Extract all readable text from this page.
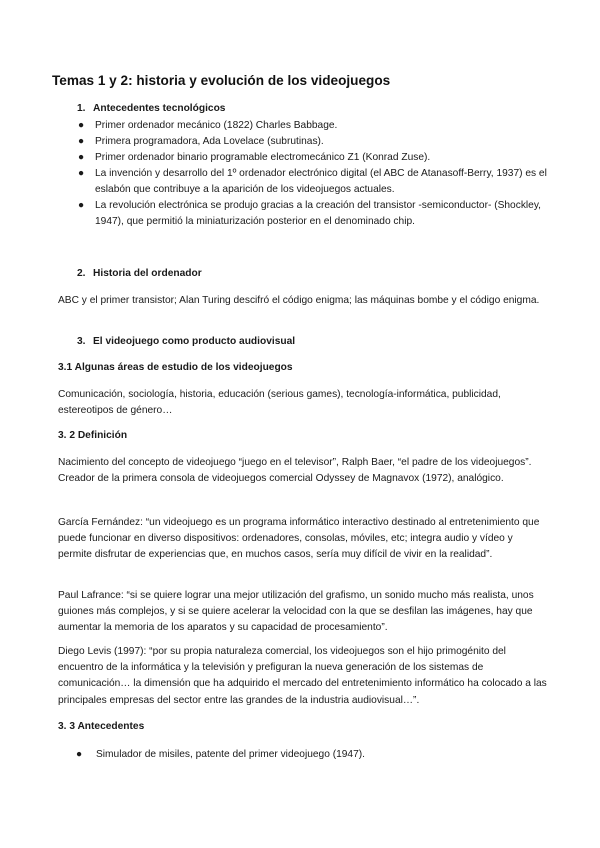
Temas 1 y 2: historia y evolución de los videojuegos
1. Antecedentes tecnológicos
● Primer ordenador mecánico (1822) Charles Babbage.
● Primera programadora, Ada Lovelace (subrutinas).
● Primer ordenador binario programable electromecánico Z1 (Konrad Zuse).
● La invención y desarrollo del 1º ordenador electrónico digital (el ABC de Atanasoff-Berry, 1937) es el eslabón que contribuye a la aparición de los videojuegos actuales.
● La revolución electrónica se produjo gracias a la creación del transistor -semiconductor- (Shockley, 1947), que permitió la miniaturización posterior en el denominado chip.
2. Historia del ordenador
ABC y el primer transistor; Alan Turing descifró el código enigma; las máquinas bombe y el código enigma.
3. El videojuego como producto audiovisual
3.1 Algunas áreas de estudio de los videojuegos
Comunicación, sociología, historia, educación (serious games), tecnología-informática, publicidad, estereotipos de género…
3. 2 Definición
Nacimiento del concepto de videojuego “juego en el televisor”, Ralph Baer, “el padre de los videojuegos”. Creador de la primera consola de videojuegos comercial Odyssey de Magnavox (1972), analógico.
García Fernández: “un videojuego es un programa informático interactivo destinado al entretenimiento que puede funcionar en diverso dispositivos: ordenadores, consolas, móviles, etc; integra audio y vídeo y permite disfrutar de experiencias que, en muchos casos, sería muy difícil de vivir en la realidad”.
Paul Lafrance: “si se quiere lograr una mejor utilización del grafismo, un sonido mucho más realista, unos guiones más complejos, y si se quiere acelerar la velocidad con la que se desfilan las imágenes, hay que aumentar la memoria de los aparatos y su capacidad de procesamiento”.
Diego Levis (1997): “por su propia naturaleza comercial, los videojuegos son el hijo primogénito del encuentro de la informática y la televisión y prefiguran la nueva generación de los sistemas de comunicación… la dimensión que ha adquirido el mercado del entretenimiento informático ha colocado a las principales empresas del sector entre las grandes de la industria audiovisual…”.
3. 3 Antecedentes
● Simulador de misiles, patente del primer videojuego (1947).
